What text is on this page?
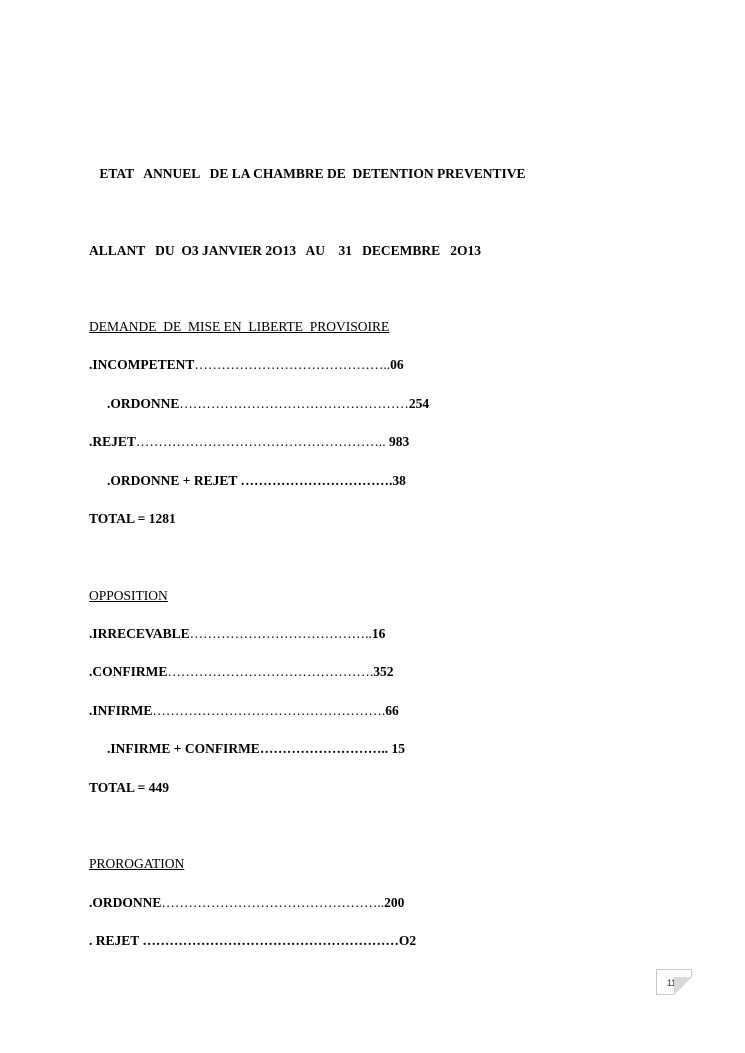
ETAT   ANNUEL   DE LA CHAMBRE DE  DETENTION PREVENTIVE
ALLANT   DU  O3 JANVIER 2O13   AU    31   DECEMBRE   2O13
DEMANDE  DE  MISE EN  LIBERTE  PROVISOIRE
.INCOMPETENT……………………………………..06
.ORDONNE……………………………………………254
.REJET……………………………………………….. 983
.ORDONNE + REJET …………………………….38
TOTAL = 1281
OPPOSITION
.IRRECEVABLE…………………………………..16
.CONFIRME……………………………………….352
.INFIRME…………………………………………….66
.INFIRME + CONFIRME……………………….. 15
TOTAL = 449
PROROGATION
.ORDONNE…………………………………………..200
. REJET …………………………………………………O2
113
